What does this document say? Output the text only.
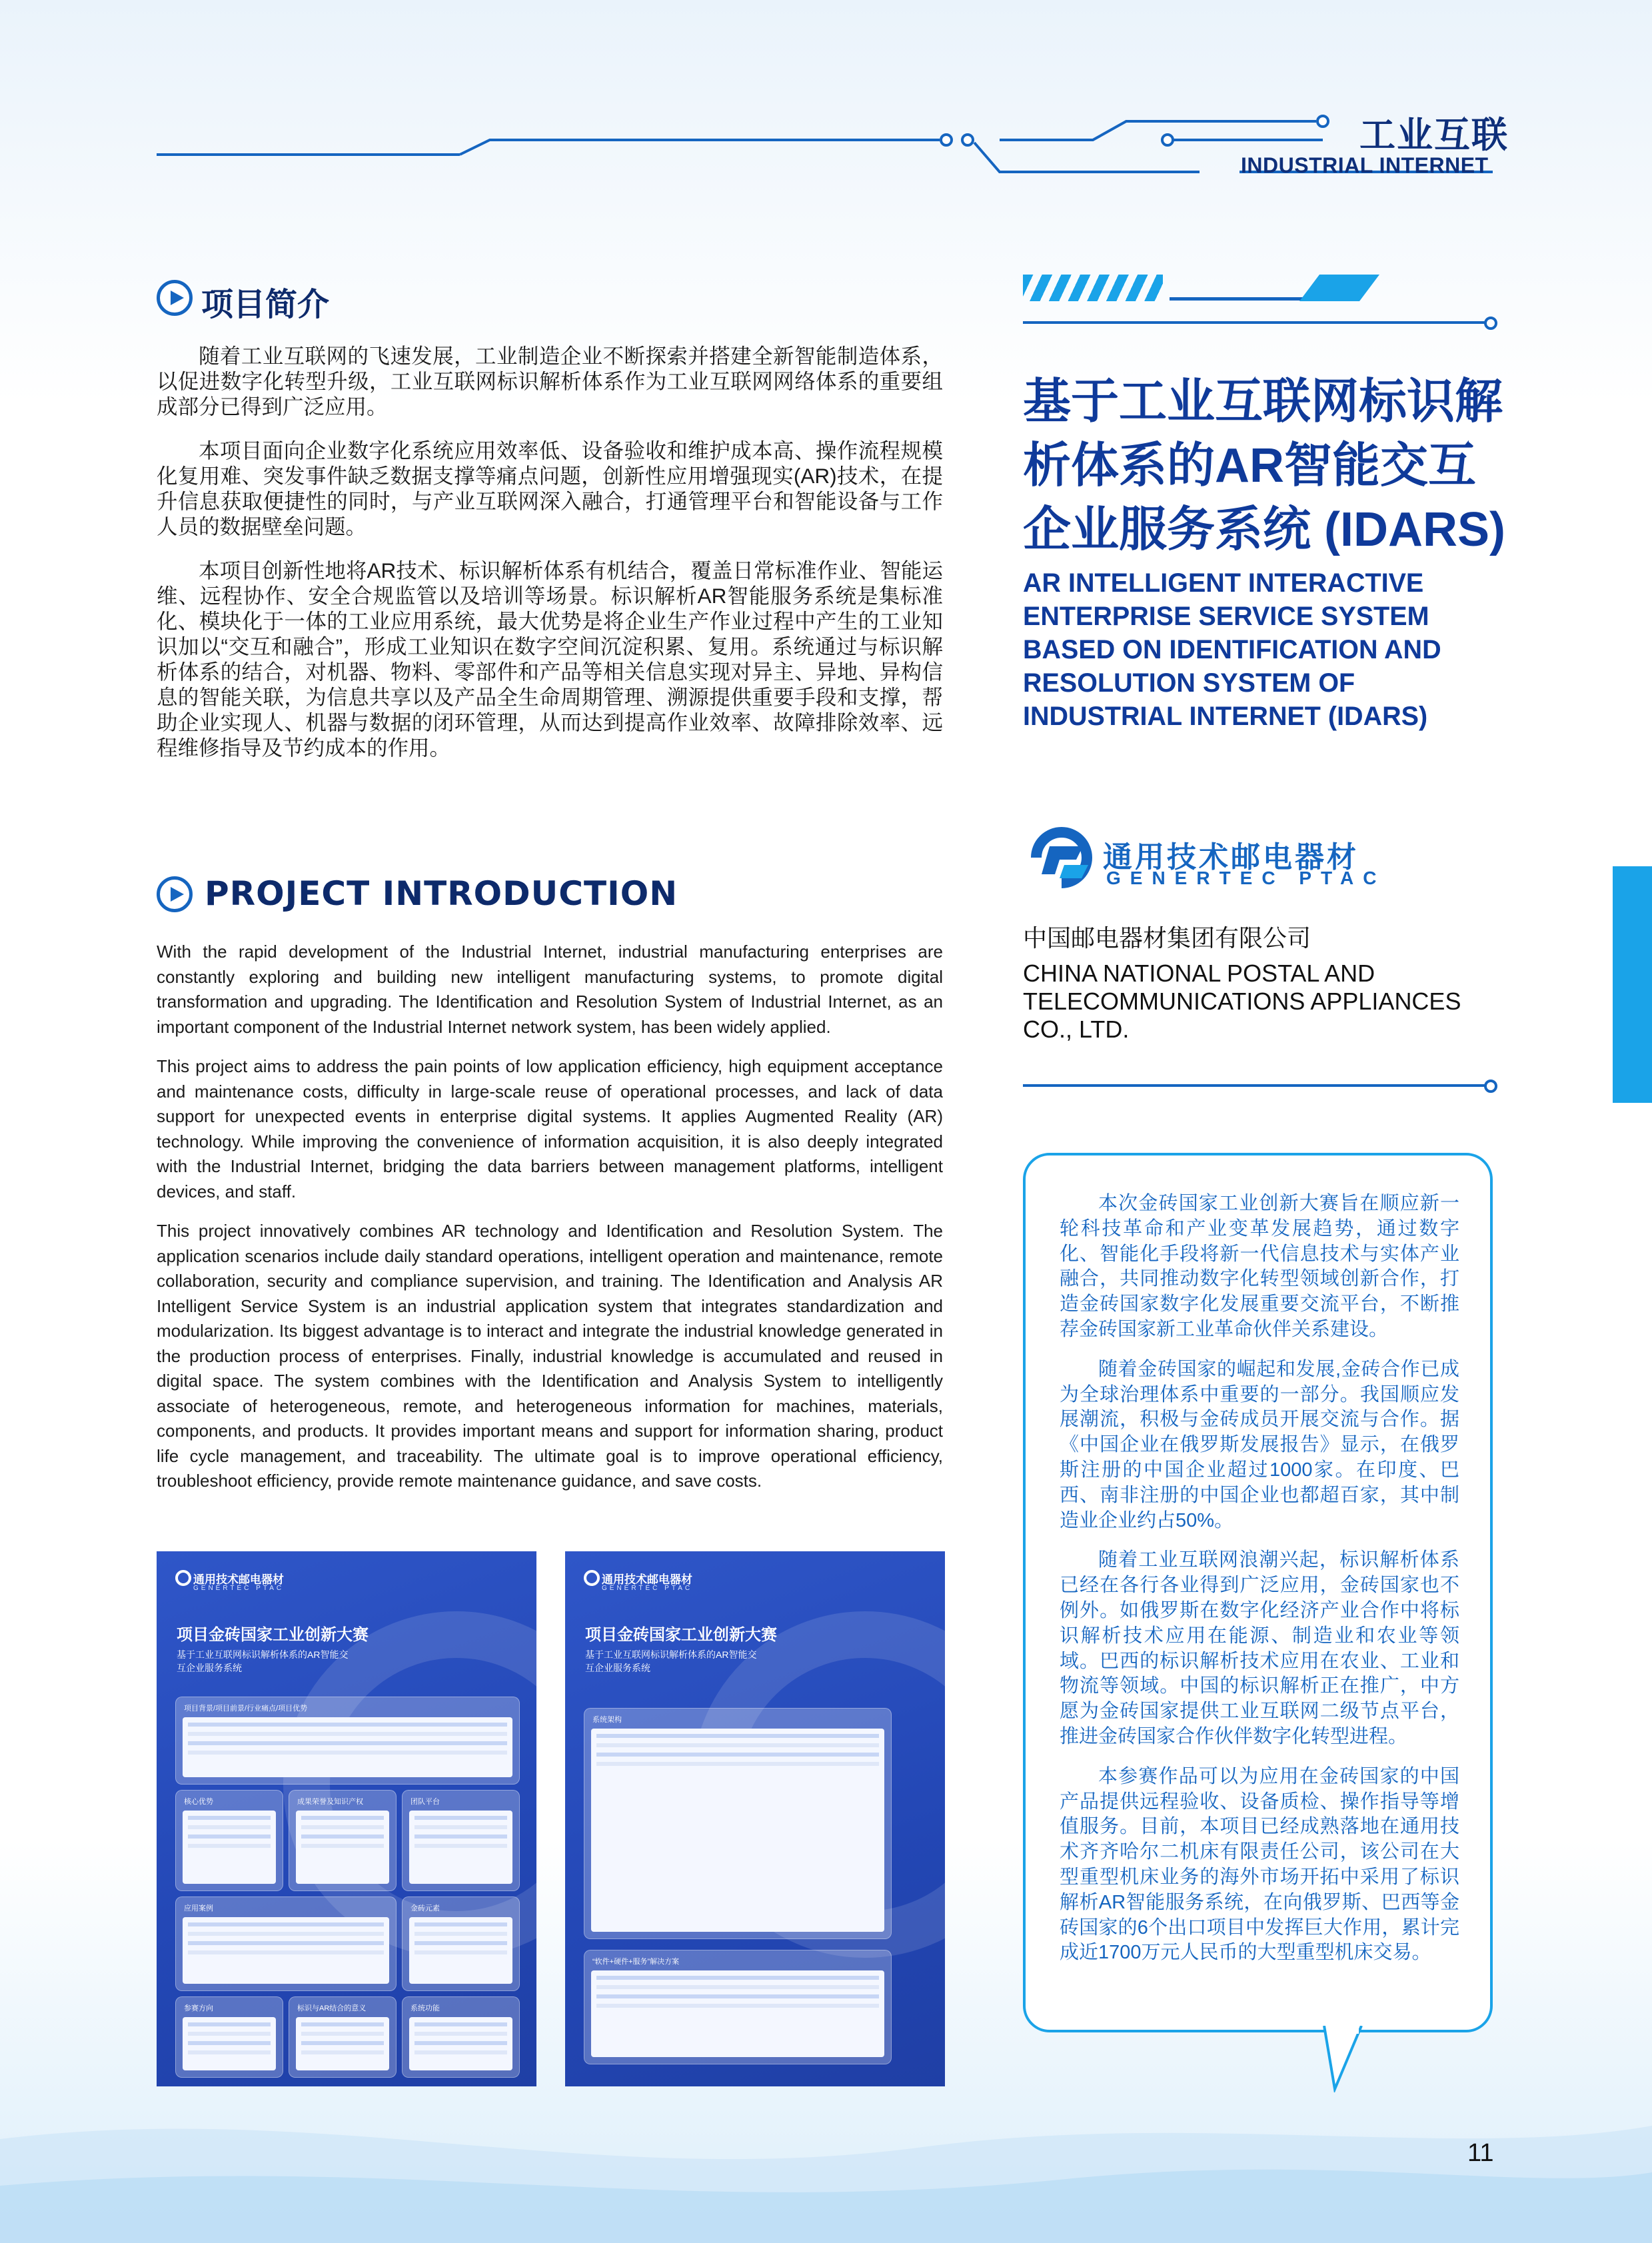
工业互联
INDUSTRIAL INTERNET
项目简介

随着工业互联网的飞速发展，工业制造企业不断探索并搭建全新智能制造体系，以促进数字化转型升级，工业互联网标识解析体系作为工业互联网网络体系的重要组成部分已得到广泛应用。

本项目面向企业数字化系统应用效率低、设备验收和维护成本高、操作流程规模化复用难、突发事件缺乏数据支撑等痛点问题，创新性应用增强现实(AR)技术，在提升信息获取便捷性的同时，与产业互联网深入融合，打通管理平台和智能设备与工作人员的数据壁垒问题。

本项目创新性地将AR技术、标识解析体系有机结合，覆盖日常标准作业、智能运维、远程协作、安全合规监管以及培训等场景。标识解析AR智能服务系统是集标准化、模块化于一体的工业应用系统，最大优势是将企业生产作业过程中产生的工业知识加以“交互和融合”，形成工业知识在数字空间沉淀积累、复用。系统通过与标识解析体系的结合，对机器、物料、零部件和产品等相关信息实现对异主、异地、异构信息的智能关联，为信息共享以及产品全生命周期管理、溯源提供重要手段和支撑，帮助企业实现人、机器与数据的闭环管理，从而达到提高作业效率、故障排除效率、远程维修指导及节约成本的作用。

PROJECT INTRODUCTION

With the rapid development of the Industrial Internet, industrial manufacturing enterprises are constantly exploring and building new intelligent manufacturing systems, to promote digital transformation and upgrading. The Identification and Resolution System of Industrial Internet, as an important component of the Industrial Internet network system, has been widely applied.

This project aims to address the pain points of low application efficiency, high equipment acceptance and maintenance costs, difficulty in large-scale reuse of operational processes, and lack of data support for unexpected events in enterprise digital systems. It applies Augmented Reality (AR) technology. While improving the convenience of information acquisition, it is also deeply integrated with the Industrial Internet, bridging the data barriers between management platforms, intelligent devices, and staff.

This project innovatively combines AR technology and Identification and Resolution System. The application scenarios include daily standard operations, intelligent operation and maintenance, remote collaboration, security and compliance supervision, and training. The Identification and Analysis AR Intelligent Service System is an industrial application system that integrates standardization and modularization. Its biggest advantage is to interact and integrate the industrial knowledge generated in the production process of enterprises. Finally, industrial knowledge is accumulated and reused in digital space. The system combines with the Identification and Analysis System to intelligently associate of heterogeneous, remote, and heterogeneous information for machines, materials, components, and products. It provides important means and support for information sharing, product life cycle management, and traceability. The ultimate goal is to improve operational efficiency, troubleshoot efficiency, provide remote maintenance guidance, and save costs.

通用技术邮电器材
GENERTEC PTAC
项目金砖国家工业创新大赛
基于工业互联网标识解析体系的AR智能交互企业服务系统
项目背景/项目前景/行业痛点/项目优势
核心优势	成果荣誉及知识产权	团队平台
应用案例	金砖元素
参赛方向	标识与AR结合的意义	系统功能
通用技术邮电器材
GENERTEC PTAC
项目金砖国家工业创新大赛
基于工业互联网标识解析体系的AR智能交互企业服务系统
系统架构
“软件+硬件+服务”解决方案
基于工业互联网标识解析体系的AR智能交互企业服务系统 (IDARS)
AR INTELLIGENT INTERACTIVE ENTERPRISE SERVICE SYSTEM BASED ON IDENTIFICATION AND RESOLUTION SYSTEM OF INDUSTRIAL INTERNET (IDARS)
通用技术邮电器材
GENERTEC PTAC
中国邮电器材集团有限公司
CHINA NATIONAL POSTAL AND TELECOMMUNICATIONS APPLIANCES CO., LTD.

本次金砖国家工业创新大赛旨在顺应新一轮科技革命和产业变革发展趋势，通过数字化、智能化手段将新一代信息技术与实体产业融合，共同推动数字化转型领域创新合作，打造金砖国家数字化发展重要交流平台，不断推荐金砖国家新工业革命伙伴关系建设。

随着金砖国家的崛起和发展,金砖合作已成为全球治理体系中重要的一部分。我国顺应发展潮流，积极与金砖成员开展交流与合作。据《中国企业在俄罗斯发展报告》显示，在俄罗斯注册的中国企业超过1000家。在印度、巴西、南非注册的中国企业也都超百家，其中制造业企业约占50%。

随着工业互联网浪潮兴起，标识解析体系已经在各行各业得到广泛应用，金砖国家也不例外。如俄罗斯在数字化经济产业合作中将标识解析技术应用在能源、制造业和农业等领域。巴西的标识解析技术应用在农业、工业和物流等领域。中国的标识解析正在推广，中方愿为金砖国家提供工业互联网二级节点平台，推进金砖国家合作伙伴数字化转型进程。

本参赛作品可以为应用在金砖国家的中国产品提供远程验收、设备质检、操作指导等增值服务。目前，本项目已经成熟落地在通用技术齐齐哈尔二机床有限责任公司，该公司在大型重型机床业务的海外市场开拓中采用了标识解析AR智能服务系统，在向俄罗斯、巴西等金砖国家的6个出口项目中发挥巨大作用，累计完成近1700万元人民币的大型重型机床交易。

11
